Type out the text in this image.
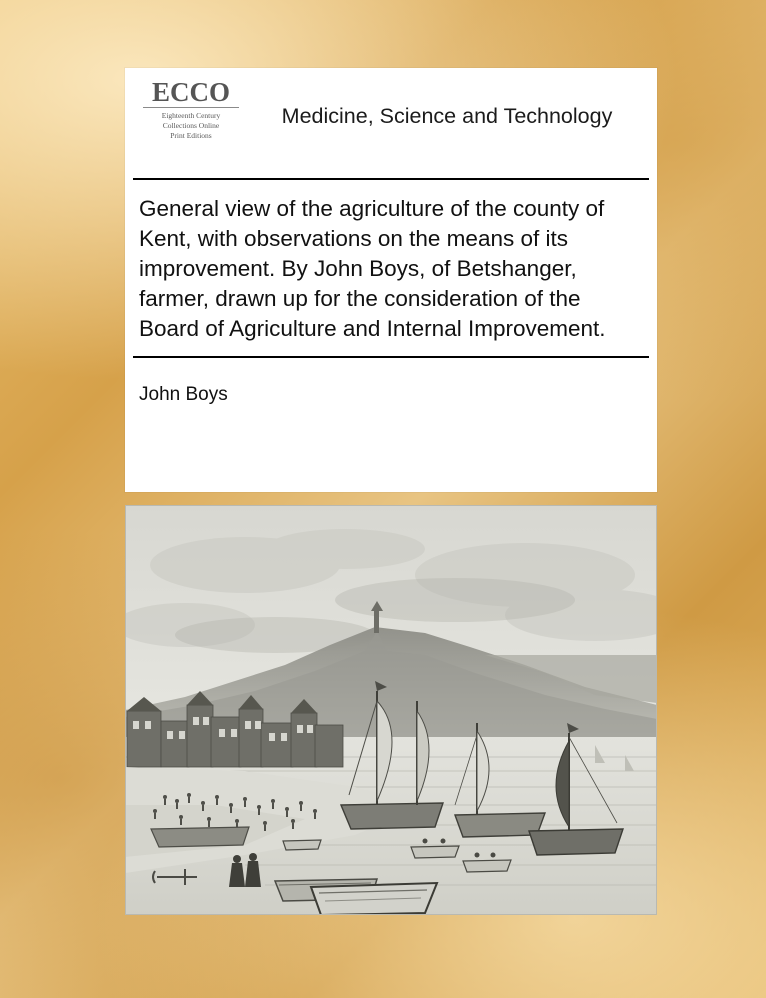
ECCO
Eighteenth Century
Collections Online
Print Editions
Medicine, Science and Technology
General view of the agriculture of the county of Kent, with observations on the means of its improvement. By John Boys, of Betshanger, farmer, drawn up for the consideration of the Board of Agriculture and Internal Improvement.
John Boys
